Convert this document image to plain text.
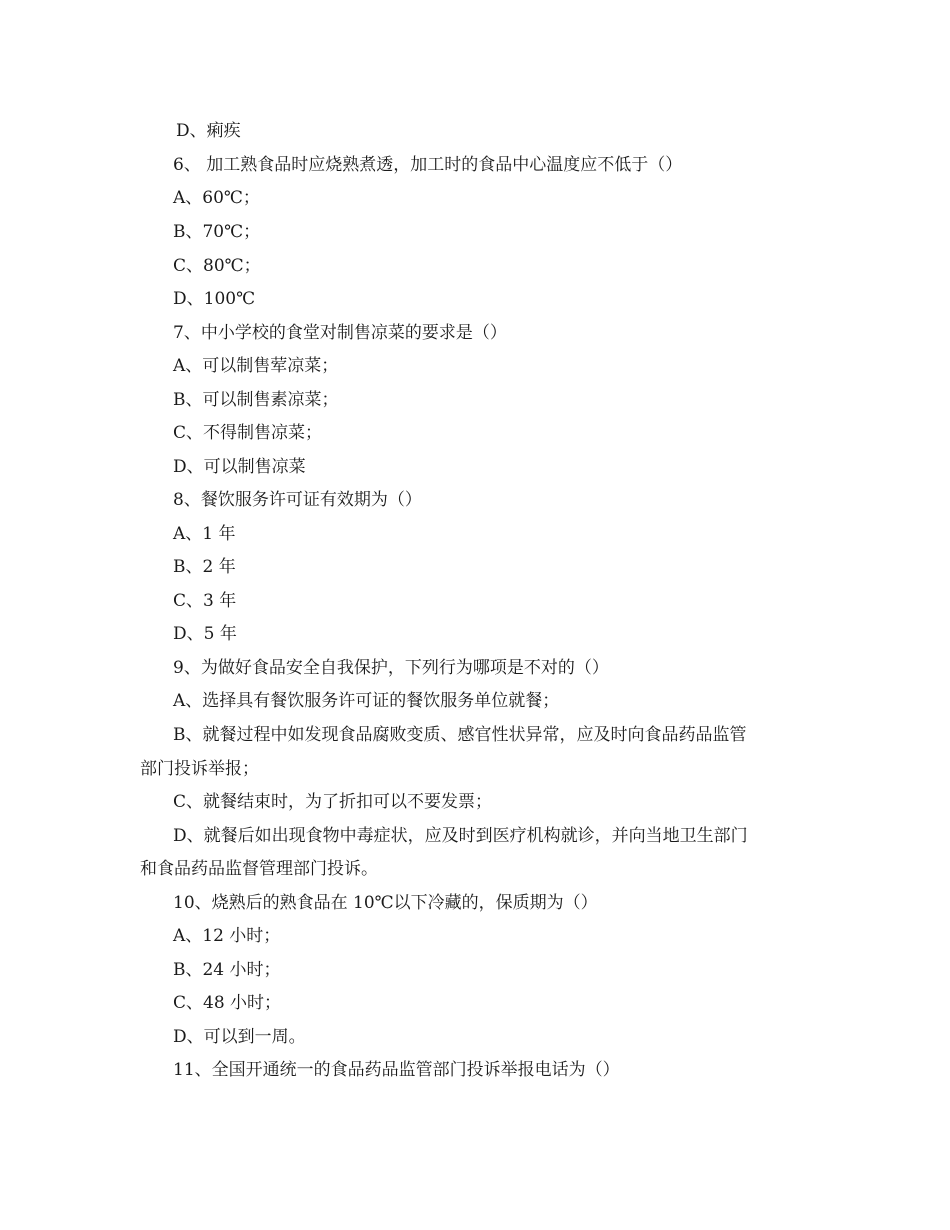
D、痢疾
6、 加工熟食品时应烧熟煮透，加工时的食品中心温度应不低于（）
A、60℃；
B、70℃；
C、80℃；
D、100℃
7、中小学校的食堂对制售凉菜的要求是（）
A、可以制售荤凉菜；
B、可以制售素凉菜；
C、不得制售凉菜；
D、可以制售凉菜
8、餐饮服务许可证有效期为（）
A、1 年
B、2 年
C、3 年
D、5 年
9、为做好食品安全自我保护，下列行为哪项是不对的（）
A、选择具有餐饮服务许可证的餐饮服务单位就餐；
B、就餐过程中如发现食品腐败变质、感官性状异常，应及时向食品药品监管
部门投诉举报；
C、就餐结束时，为了折扣可以不要发票；
D、就餐后如出现食物中毒症状，应及时到医疗机构就诊，并向当地卫生部门
和食品药品监督管理部门投诉。
10、烧熟后的熟食品在 10℃以下冷藏的，保质期为（）
A、12 小时；
B、24 小时；
C、48 小时；
D、可以到一周。
11、全国开通统一的食品药品监管部门投诉举报电话为（）
